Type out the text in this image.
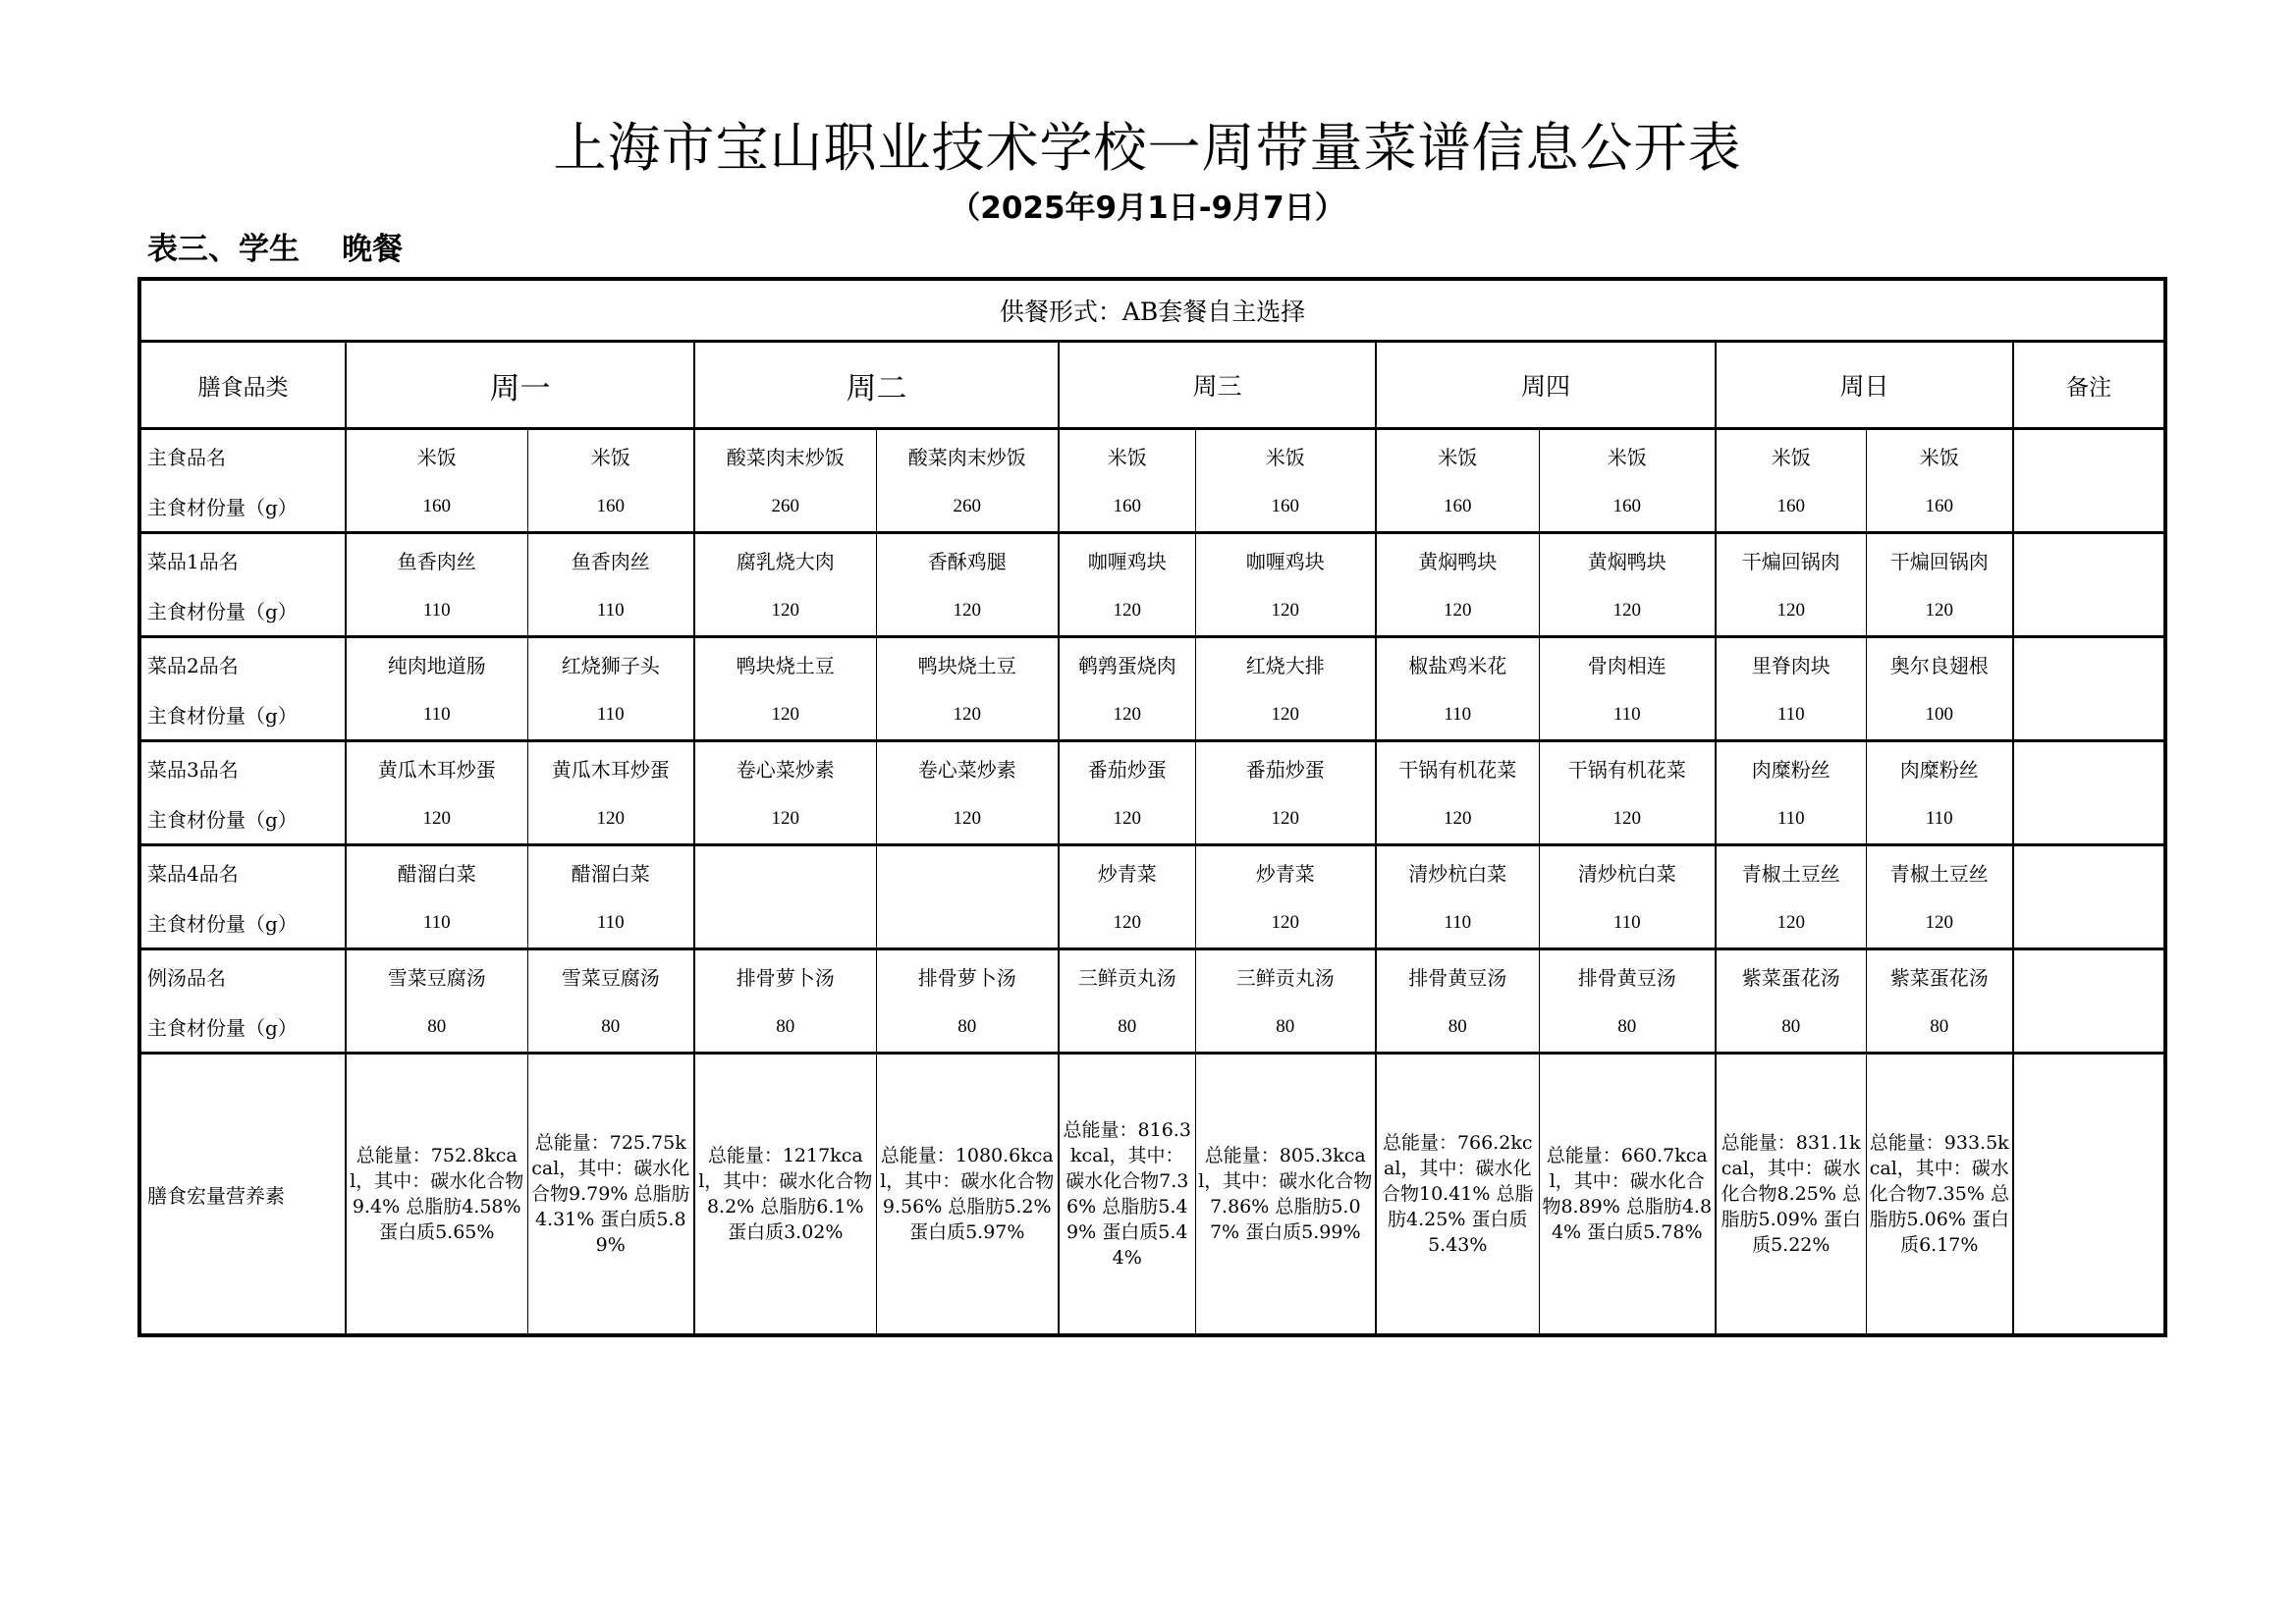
上海市宝山职业技术学校一周带量菜谱信息公开表
（2025年9月1日-9月7日）
表三、学生    晚餐
供餐形式：AB套餐自主选择											
膳食品类	周一		周二		周三		周四		周日		备注
主食品名	米饭	米饭	酸菜肉末炒饭	酸菜肉末炒饭	米饭	米饭	米饭	米饭	米饭	米饭	
主食材份量（g）	160	160	260	260	160	160	160	160	160	160	
菜品1品名	鱼香肉丝	鱼香肉丝	腐乳烧大肉	香酥鸡腿	咖喱鸡块	咖喱鸡块	黄焖鸭块	黄焖鸭块	干煸回锅肉	干煸回锅肉	
主食材份量（g）	110	110	120	120	120	120	120	120	120	120	
菜品2品名	纯肉地道肠	红烧狮子头	鸭块烧土豆	鸭块烧土豆	鹌鹑蛋烧肉	红烧大排	椒盐鸡米花	骨肉相连	里脊肉块	奥尔良翅根	
主食材份量（g）	110	110	120	120	120	120	110	110	110	100	
菜品3品名	黄瓜木耳炒蛋	黄瓜木耳炒蛋	卷心菜炒素	卷心菜炒素	番茄炒蛋	番茄炒蛋	干锅有机花菜	干锅有机花菜	肉糜粉丝	肉糜粉丝	
主食材份量（g）	120	120	120	120	120	120	120	120	110	110	
菜品4品名	醋溜白菜	醋溜白菜			炒青菜	炒青菜	清炒杭白菜	清炒杭白菜	青椒土豆丝	青椒土豆丝	
主食材份量（g）	110	110			120	120	110	110	120	120	
例汤品名	雪菜豆腐汤	雪菜豆腐汤	排骨萝卜汤	排骨萝卜汤	三鲜贡丸汤	三鲜贡丸汤	排骨黄豆汤	排骨黄豆汤	紫菜蛋花汤	紫菜蛋花汤	
主食材份量（g）	80	80	80	80	80	80	80	80	80	80	
膳食宏量营养素	总能量：752.8kcal，其中：碳水化合物9.4% 总脂肪4.58% 蛋白质5.65%	总能量：725.75kcal，其中：碳水化合物9.79% 总脂肪4.31% 蛋白质5.89%	总能量：1217kcal，其中：碳水化合物8.2% 总脂肪6.1% 蛋白质3.02%	总能量：1080.6kcal，其中：碳水化合物9.56% 总脂肪5.2% 蛋白质5.97%	总能量：816.3kcal，其中：碳水化合物7.36% 总脂肪5.49% 蛋白质5.44%	总能量：805.3kcal，其中：碳水化合物7.86% 总脂肪5.07% 蛋白质5.99%	总能量：766.2kcal，其中：碳水化合物10.41% 总脂肪4.25% 蛋白质5.43%	总能量：660.7kcal，其中：碳水化合物8.89% 总脂肪4.84% 蛋白质5.78%	总能量：831.1kcal，其中：碳水化合物8.25% 总脂肪5.09% 蛋白质5.22%	总能量：933.5kcal，其中：碳水化合物7.35% 总脂肪5.06% 蛋白质6.17%	
